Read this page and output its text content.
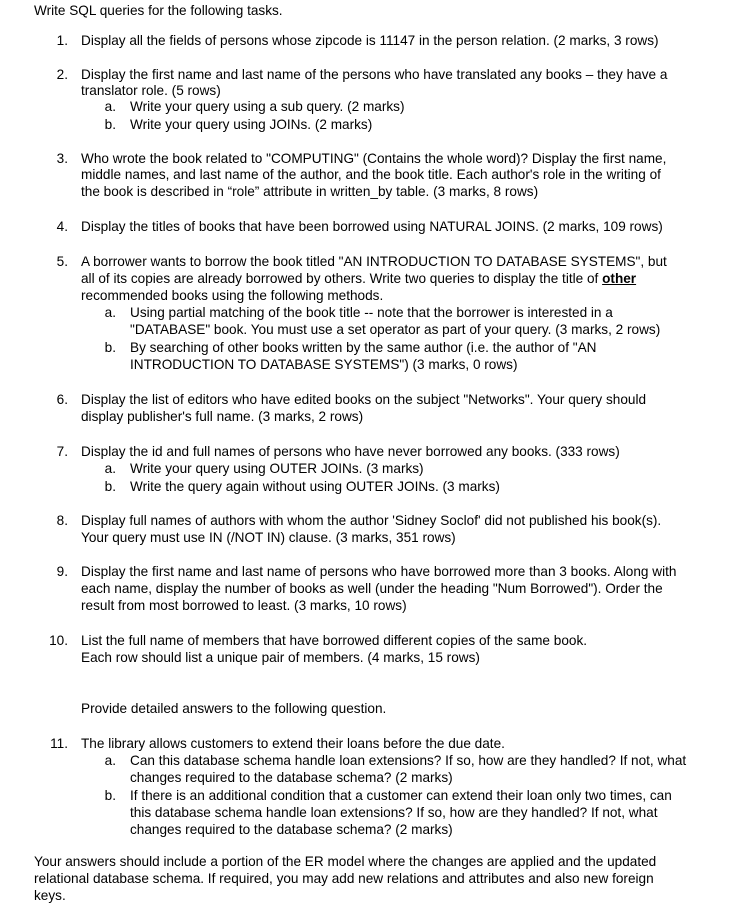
Write SQL queries for the following tasks.
1. Display all the fields of persons whose zipcode is 11147 in the person relation. (2 marks, 3 rows)
2. Display the first name and last name of the persons who have translated any books – they have a
translator role. (5 rows)
a. Write your query using a sub query. (2 marks)
b. Write your query using JOINs. (2 marks)
3. Who wrote the book related to "COMPUTING" (Contains the whole word)? Display the first name,
middle names, and last name of the author, and the book title. Each author's role in the writing of
the book is described in “role” attribute in written_by table. (3 marks, 8 rows)
4. Display the titles of books that have been borrowed using NATURAL JOINS. (2 marks, 109 rows)
5. A borrower wants to borrow the book titled "AN INTRODUCTION TO DATABASE SYSTEMS", but
all of its copies are already borrowed by others. Write two queries to display the title of other
recommended books using the following methods.
a. Using partial matching of the book title -- note that the borrower is interested in a
"DATABASE" book. You must use a set operator as part of your query. (3 marks, 2 rows)
b. By searching of other books written by the same author (i.e. the author of "AN
INTRODUCTION TO DATABASE SYSTEMS") (3 marks, 0 rows)
6. Display the list of editors who have edited books on the subject "Networks". Your query should
display publisher's full name. (3 marks, 2 rows)
7. Display the id and full names of persons who have never borrowed any books. (333 rows)
a. Write your query using OUTER JOINs. (3 marks)
b. Write the query again without using OUTER JOINs. (3 marks)
8. Display full names of authors with whom the author 'Sidney Soclof' did not published his book(s).
Your query must use IN (/NOT IN) clause. (3 marks, 351 rows)
9. Display the first name and last name of persons who have borrowed more than 3 books. Along with
each name, display the number of books as well (under the heading "Num Borrowed"). Order the
result from most borrowed to least. (3 marks, 10 rows)
10. List the full name of members that have borrowed different copies of the same book.
Each row should list a unique pair of members. (4 marks, 15 rows)
Provide detailed answers to the following question.
11. The library allows customers to extend their loans before the due date.
a. Can this database schema handle loan extensions? If so, how are they handled? If not, what
changes required to the database schema? (2 marks)
b. If there is an additional condition that a customer can extend their loan only two times, can
this database schema handle loan extensions? If so, how are they handled? If not, what
changes required to the database schema? (2 marks)
Your answers should include a portion of the ER model where the changes are applied and the updated
relational database schema. If required, you may add new relations and attributes and also new foreign
keys.
